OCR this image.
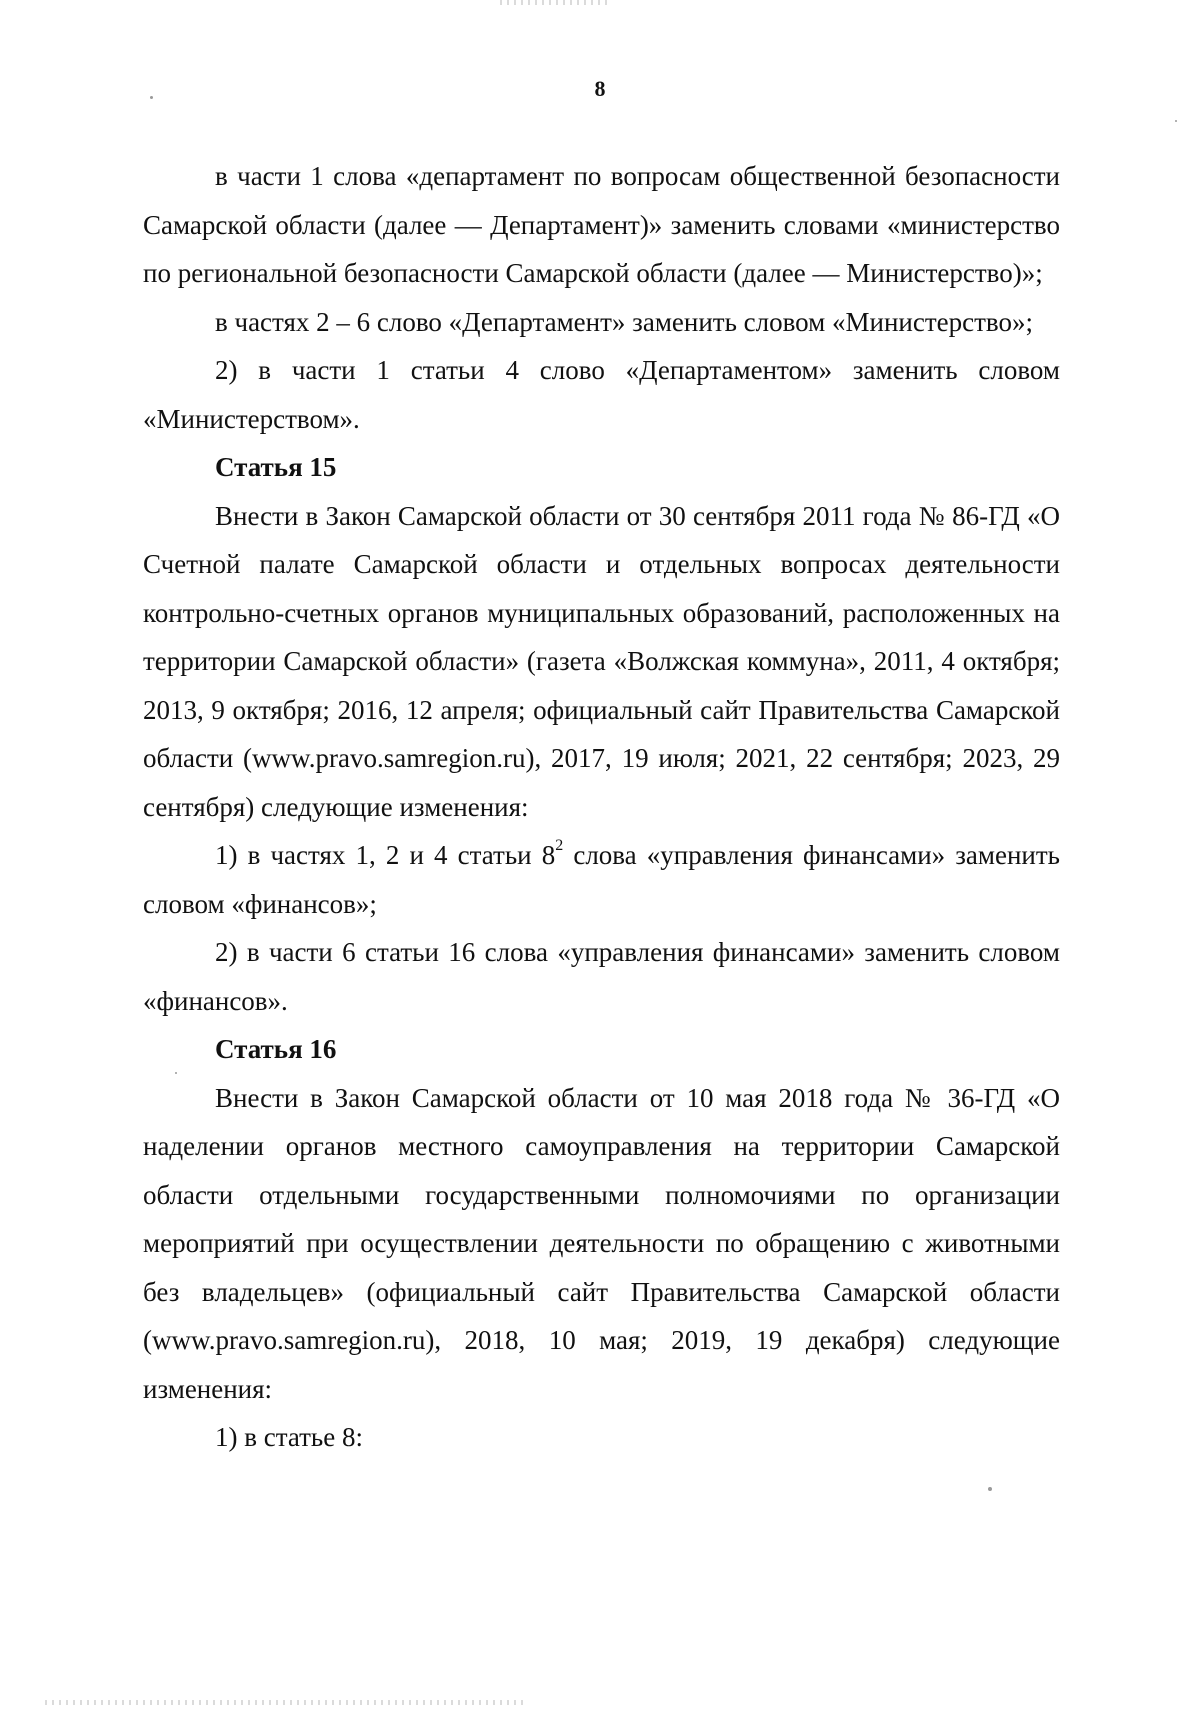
8

в части 1 слова «департамент по вопросам общественной безопасности Самарской области (далее — Департамент)» заменить словами «министерство по региональной безопасности Самарской области (далее — Министерство)»;

в частях 2 – 6 слово «Департамент» заменить словом «Министерство»;

2) в части 1 статьи 4 слово «Департаментом» заменить словом «Министерством».

Статья 15

Внести в Закон Самарской области от 30 сентября 2011 года № 86-ГД «О Счетной палате Самарской области и отдельных вопросах деятельности контрольно-счетных органов муниципальных образований, расположенных на территории Самарской области» (газета «Волжская коммуна», 2011, 4 октября; 2013, 9 октября; 2016, 12 апреля; официальный сайт Правительства Самарской области (www.pravo.samregion.ru), 2017, 19 июля; 2021, 22 сентября; 2023, 29 сентября) следующие изменения:

1) в частях 1, 2 и 4 статьи $8^2$ слова «управления финансами» заменить словом «финансов»;

2) в части 6 статьи 16 слова «управления финансами» заменить словом «финансов».

Статья 16

Внести в Закон Самарской области от 10 мая 2018 года № 36-ГД «О наделении органов местного самоуправления на территории Самарской области отдельными государственными полномочиями по организации мероприятий при осуществлении деятельности по обращению с животными без владельцев» (официальный сайт Правительства Самарской области (www.pravo.samregion.ru), 2018, 10 мая; 2019, 19 декабря) следующие изменения:

1) в статье 8:
